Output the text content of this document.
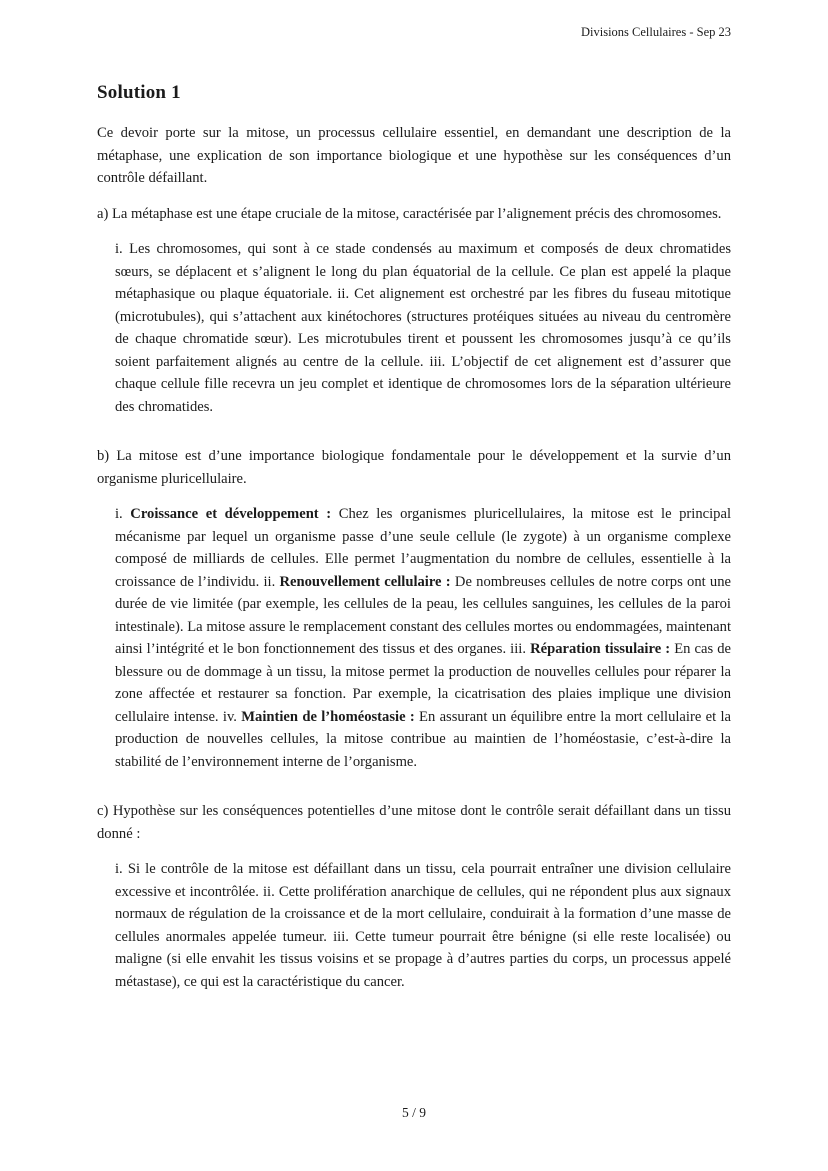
Divisions Cellulaires - Sep 23
Solution 1

Ce devoir porte sur la mitose, un processus cellulaire essentiel, en demandant une description de la métaphase, une explication de son importance biologique et une hypothèse sur les conséquences d’un contrôle défaillant.

a) La métaphase est une étape cruciale de la mitose, caractérisée par l’alignement précis des chromosomes.

i. Les chromosomes, qui sont à ce stade condensés au maximum et composés de deux chromatides sœurs, se déplacent et s’alignent le long du plan équatorial de la cellule. Ce plan est appelé la plaque métaphasique ou plaque équatoriale. ii. Cet alignement est orchestré par les fibres du fuseau mitotique (microtubules), qui s’attachent aux kinétochores (structures protéiques situées au niveau du centromère de chaque chromatide sœur). Les microtubules tirent et poussent les chromosomes jusqu’à ce qu’ils soient parfaitement alignés au centre de la cellule. iii. L’objectif de cet alignement est d’assurer que chaque cellule fille recevra un jeu complet et identique de chromosomes lors de la séparation ultérieure des chromatides.

b) La mitose est d’une importance biologique fondamentale pour le développement et la survie d’un organisme pluricellulaire.

i. Croissance et développement : Chez les organismes pluricellulaires, la mitose est le principal mécanisme par lequel un organisme passe d’une seule cellule (le zygote) à un organisme complexe composé de milliards de cellules. Elle permet l’augmentation du nombre de cellules, essentielle à la croissance de l’individu. ii. Renouvellement cellulaire : De nombreuses cellules de notre corps ont une durée de vie limitée (par exemple, les cellules de la peau, les cellules sanguines, les cellules de la paroi intestinale). La mitose assure le remplacement constant des cellules mortes ou endommagées, maintenant ainsi l’intégrité et le bon fonctionnement des tissus et des organes. iii. Réparation tissulaire : En cas de blessure ou de dommage à un tissu, la mitose permet la production de nouvelles cellules pour réparer la zone affectée et restaurer sa fonction. Par exemple, la cicatrisation des plaies implique une division cellulaire intense. iv. Maintien de l’homéostasie : En assurant un équilibre entre la mort cellulaire et la production de nouvelles cellules, la mitose contribue au maintien de l’homéostasie, c’est-à-dire la stabilité de l’environnement interne de l’organisme.

c) Hypothèse sur les conséquences potentielles d’une mitose dont le contrôle serait défaillant dans un tissu donné :

i. Si le contrôle de la mitose est défaillant dans un tissu, cela pourrait entraîner une division cellulaire excessive et incontrôlée. ii. Cette prolifération anarchique de cellules, qui ne répondent plus aux signaux normaux de régulation de la croissance et de la mort cellulaire, conduirait à la formation d’une masse de cellules anormales appelée tumeur. iii. Cette tumeur pourrait être bénigne (si elle reste localisée) ou maligne (si elle envahit les tissus voisins et se propage à d’autres parties du corps, un processus appelé métastase), ce qui est la caractéristique du cancer.

5 / 9
